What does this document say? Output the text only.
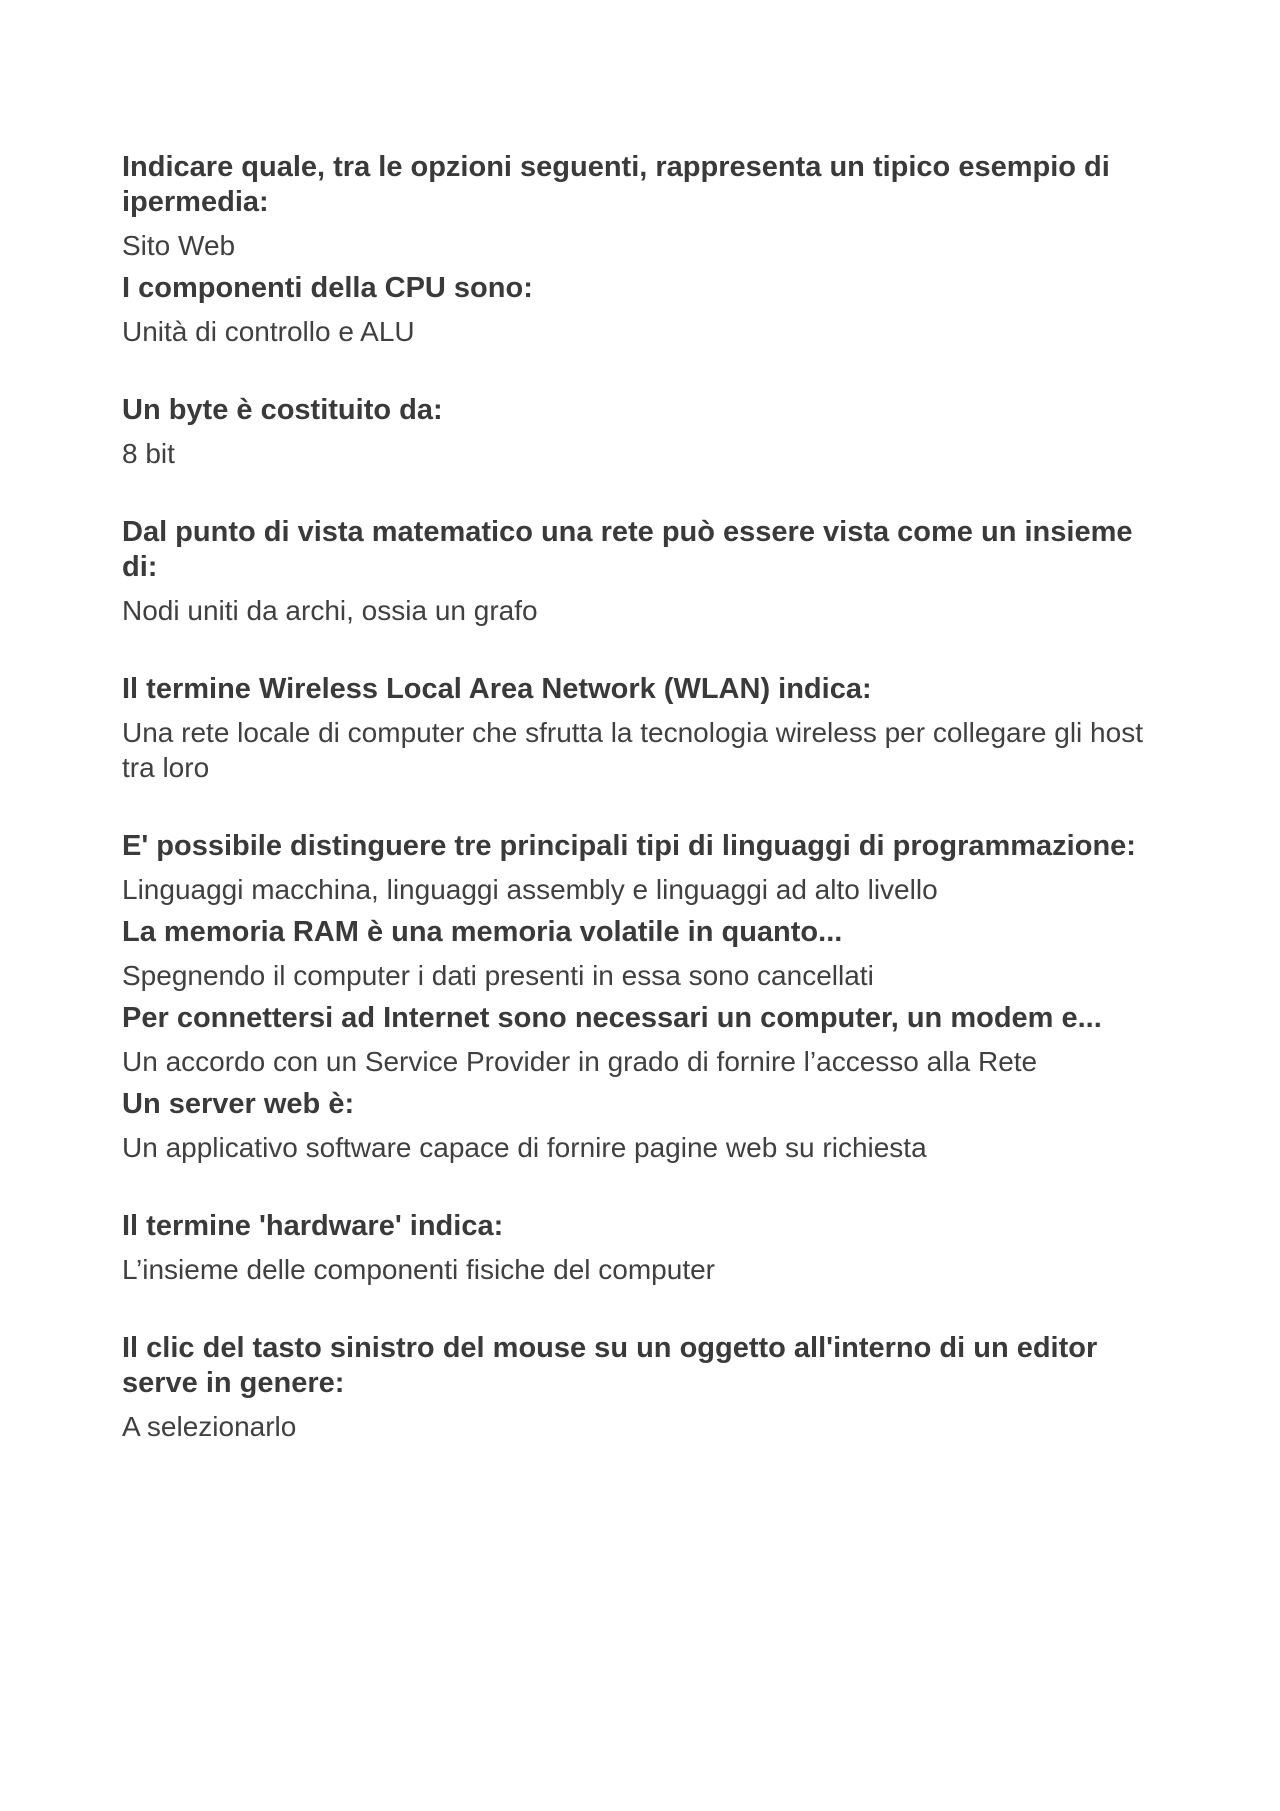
Indicare quale, tra le opzioni seguenti, rappresenta un tipico esempio di ipermedia:

Sito Web

I componenti della CPU sono:

Unità di controllo e ALU

Un byte è costituito da:

8 bit

Dal punto di vista matematico una rete può essere vista come un insieme di:

Nodi uniti da archi, ossia un grafo

Il termine Wireless Local Area Network (WLAN) indica:

Una rete locale di computer che sfrutta la tecnologia wireless per collegare gli host tra loro

E' possibile distinguere tre principali tipi di linguaggi di programmazione:

Linguaggi macchina, linguaggi assembly e linguaggi ad alto livello

La memoria RAM è una memoria volatile in quanto...

Spegnendo il computer i dati presenti in essa sono cancellati

Per connettersi ad Internet sono necessari un computer, un modem e...

Un accordo con un Service Provider in grado di fornire l’accesso alla Rete

Un server web è:

Un applicativo software capace di fornire pagine web su richiesta

Il termine 'hardware' indica:

L’insieme delle componenti fisiche del computer

Il clic del tasto sinistro del mouse su un oggetto all'interno di un editor serve in genere:

A selezionarlo
